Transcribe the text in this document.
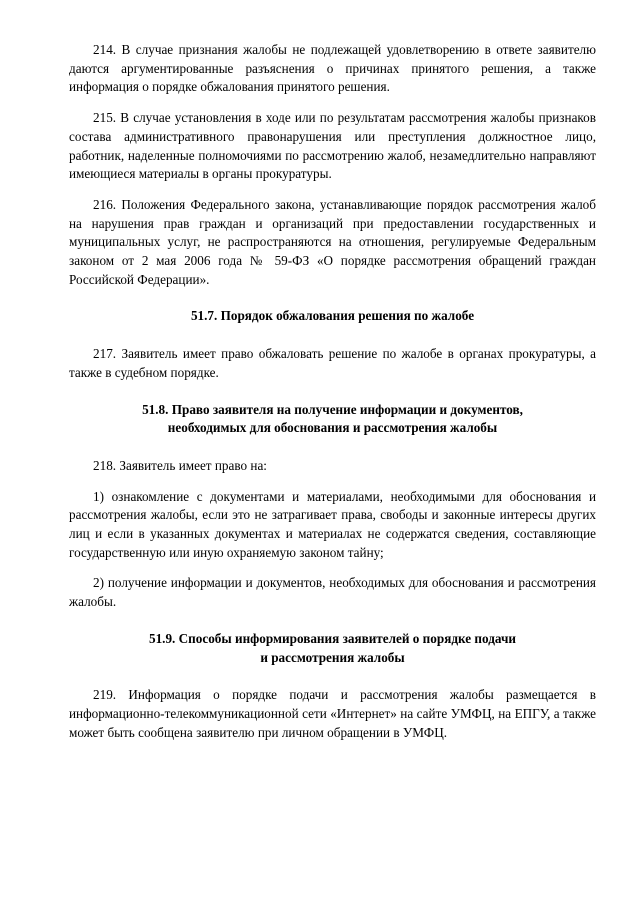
214. В случае признания жалобы не подлежащей удовлетворению в ответе заявителю даются аргументированные разъяснения о причинах принятого решения, а также информация о порядке обжалования принятого решения.

215. В случае установления в ходе или по результатам рассмотрения жалобы признаков состава административного правонарушения или преступления должностное лицо, работник, наделенные полномочиями по рассмотрению жалоб, незамедлительно направляют имеющиеся материалы в органы прокуратуры.

216. Положения Федерального закона, устанавливающие порядок рассмотрения жалоб на нарушения прав граждан и организаций при предоставлении государственных и муниципальных услуг, не распространяются на отношения, регулируемые Федеральным законом от 2 мая 2006 года № 59-ФЗ «О порядке рассмотрения обращений граждан Российской Федерации».

51.7. Порядок обжалования решения по жалобе

217. Заявитель имеет право обжаловать решение по жалобе в органах прокуратуры, а также в судебном порядке.

51.8. Право заявителя на получение информации и документов,
необходимых для обоснования и рассмотрения жалобы

218. Заявитель имеет право на:

1) ознакомление с документами и материалами, необходимыми для обоснования и рассмотрения жалобы, если это не затрагивает права, свободы и законные интересы других лиц и если в указанных документах и материалах не содержатся сведения, составляющие государственную или иную охраняемую законом тайну;

2) получение информации и документов, необходимых для обоснования и рассмотрения жалобы.

51.9. Способы информирования заявителей о порядке подачи
и рассмотрения жалобы

219. Информация о порядке подачи и рассмотрения жалобы размещается в информационно-телекоммуникационной сети «Интернет» на сайте УМФЦ, на ЕПГУ, а также может быть сообщена заявителю при личном обращении в УМФЦ.
